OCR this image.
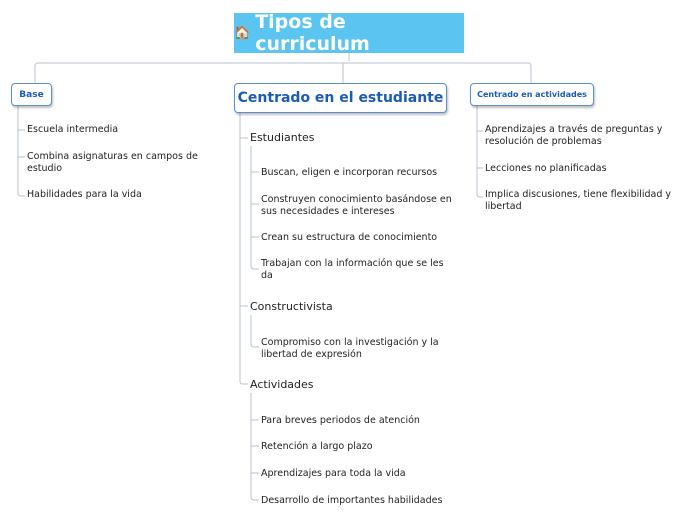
🏠 Tipos de curriculum
Base	Centrado en el estudiante	Centrado en actividades
Escuela intermedia
Combina asignaturas en campos de estudio
Habilidades para la vida
Aprendizajes a través de preguntas y resolución de problemas
Lecciones no planificadas
Implica discusiones, tiene flexibilidad y libertad
Estudiantes
Constructivista
Actividades
Buscan, eligen e incorporan recursos
Construyen conocimiento basándose en sus necesidades e intereses
Crean su estructura de conocimiento
Trabajan con la información que se les da
Compromiso con la investigación y la libertad de expresión
Para breves periodos de atención
Retención a largo plazo
Aprendizajes para toda la vida
Desarrollo de importantes habilidades
